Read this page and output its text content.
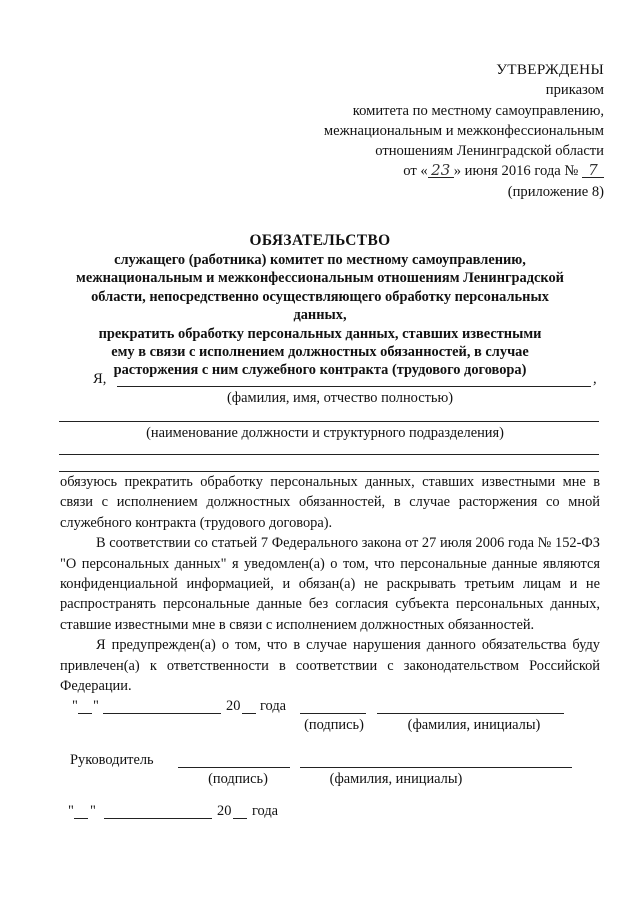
УТВЕРЖДЕНЫ
приказом
комитета по местному самоуправлению,
межнациональным и межконфессиональным
отношениям Ленинградской области
от « 23 » июня 2016 года № 7
(приложение 8)
ОБЯЗАТЕЛЬСТВО
служащего (работника) комитет по местному самоуправлению,
межнациональным и межконфессиональным отношениям Ленинградской
области, непосредственно осуществляющего обработку персональных данных,
прекратить обработку персональных данных, ставших известными
ему в связи с исполнением должностных обязанностей, в случае
расторжения с ним служебного контракта (трудового договора)
Я,	,
(фамилия, имя, отчество полностью)
(наименование должности и структурного подразделения)

обязуюсь прекратить обработку персональных данных, ставших известными мне в связи с исполнением должностных обязанностей, в случае расторжения со мной служебного контракта (трудового договора).

В соответствии со статьей 7 Федерального закона от 27 июля 2006 года № 152-ФЗ "О персональных данных" я уведомлен(а) о том, что персональные данные являются конфиденциальной информацией, и обязан(а) не раскрывать третьим лицам и не распространять персональные данные без согласия субъекта персональных данных, ставшие известными мне в связи с исполнением должностных обязанностей.

Я предупрежден(а) о том, что в случае нарушения данного обязательства буду привлечен(а) к ответственности в соответствии с законодательством Российской Федерации.

" "	20 года
(подпись)	(фамилия, инициалы)
Руководитель
(подпись)	(фамилия, инициалы)
" "	20 года
